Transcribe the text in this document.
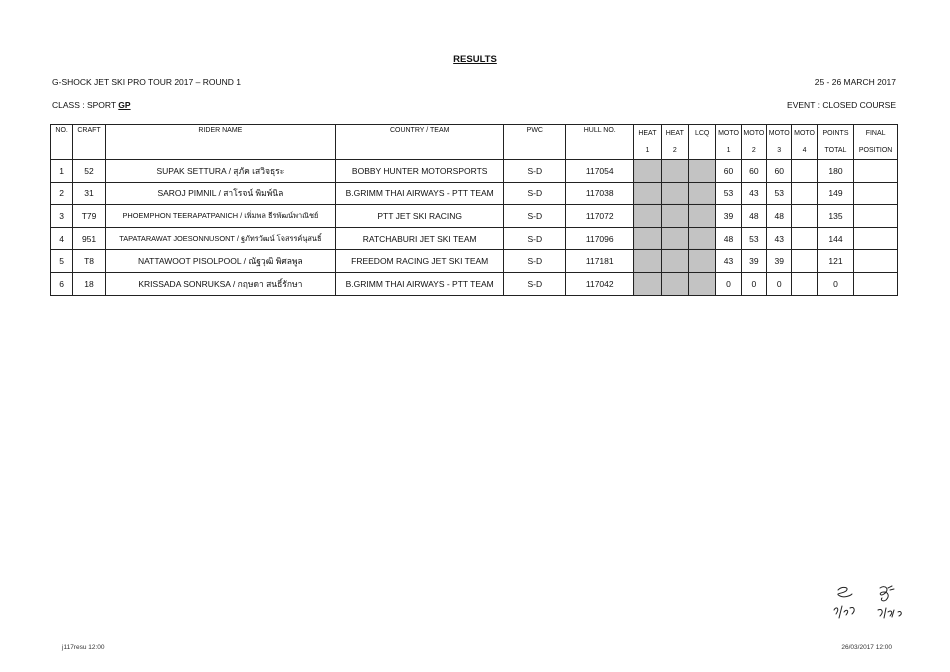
RESULTS
G-SHOCK JET SKI PRO TOUR 2017 – ROUND 1	25 - 26 MARCH 2017
CLASS : SPORT GP	EVENT : CLOSED COURSE
NO.	CRAFT	RIDER NAME	COUNTRY / TEAM	PWC	HULL NO.	HEAT	HEAT	LCQ	MOTO	MOTO	MOTO	MOTO	POINTS	FINAL
						1	2		1	2	3	4	TOTAL	POSITION
1	52	SUPAK SETTURA / สุภัค เสวิจธุระ	BOBBY HUNTER MOTORSPORTS	S-D	117054				60	60	60		180	
2	31	SAROJ PIMNIL / สาโรจน์ พิมพ์นิล	B.GRIMM THAI AIRWAYS - PTT TEAM	S-D	117038				53	43	53		149	
3	T79	PHOEMPHON TEERAPATPANICH / เพิ่มพล ธีรพัฒน์พาณิชย์	PTT JET SKI RACING	S-D	117072				39	48	48		135	
4	951	TAPATARAWAT JOESONNUSONT / ฐภัทรวัฒน์ โจสรรค์นุสนธิ์	RATCHABURI JET SKI TEAM	S-D	117096				48	53	43		144	
5	T8	NATTAWOOT PISOLPOOL / ณัฐวุฒิ พิศลพูล	FREEDOM RACING JET SKI TEAM	S-D	117181				43	39	39		121	
6	18	KRISSADA SONRUKSA / กฤษดา สนธิ์รักษา	B.GRIMM THAI AIRWAYS - PTT TEAM	S-D	117042				0	0	0		0	
j117resu 12:00	26/03/2017 12:00
